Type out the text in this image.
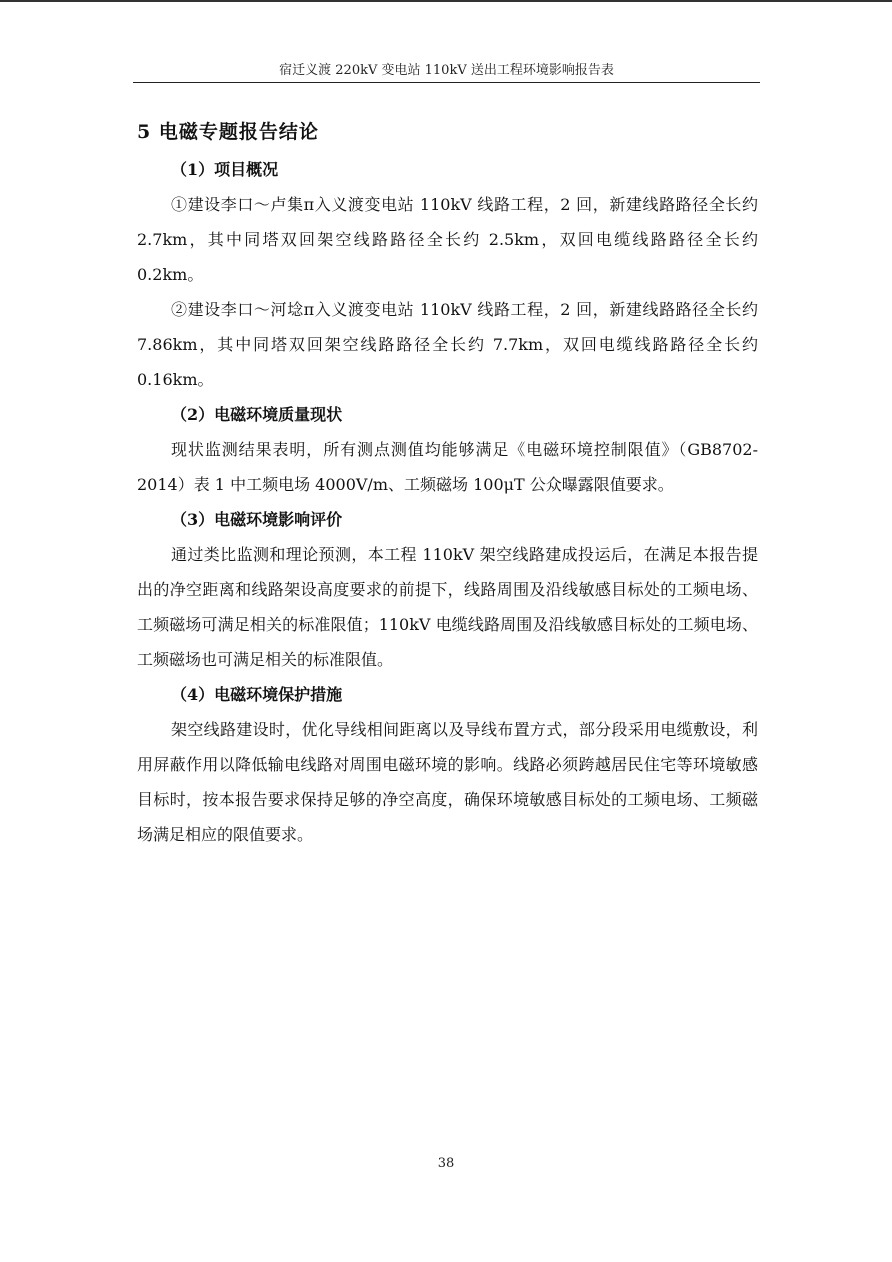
宿迁义渡 220kV 变电站 110kV 送出工程环境影响报告表
5 电磁专题报告结论
（1）项目概况

①建设李口～卢集π入义渡变电站 110kV 线路工程，2 回，新建线路路径全长约 2.7km，其中同塔双回架空线路路径全长约 2.5km，双回电缆线路路径全长约 0.2km。

②建设李口～河埝π入义渡变电站 110kV 线路工程，2 回，新建线路路径全长约 7.86km，其中同塔双回架空线路路径全长约 7.7km，双回电缆线路路径全长约 0.16km。

（2）电磁环境质量现状

现状监测结果表明，所有测点测值均能够满足《电磁环境控制限值》（GB8702-2014）表 1 中工频电场 4000V/m、工频磁场 100μT 公众曝露限值要求。

（3）电磁环境影响评价

通过类比监测和理论预测，本工程 110kV 架空线路建成投运后，在满足本报告提出的净空距离和线路架设高度要求的前提下，线路周围及沿线敏感目标处的工频电场、工频磁场可满足相关的标准限值；110kV 电缆线路周围及沿线敏感目标处的工频电场、工频磁场也可满足相关的标准限值。

（4）电磁环境保护措施

架空线路建设时，优化导线相间距离以及导线布置方式，部分段采用电缆敷设，利用屏蔽作用以降低输电线路对周围电磁环境的影响。线路必须跨越居民住宅等环境敏感目标时，按本报告要求保持足够的净空高度，确保环境敏感目标处的工频电场、工频磁场满足相应的限值要求。

38
